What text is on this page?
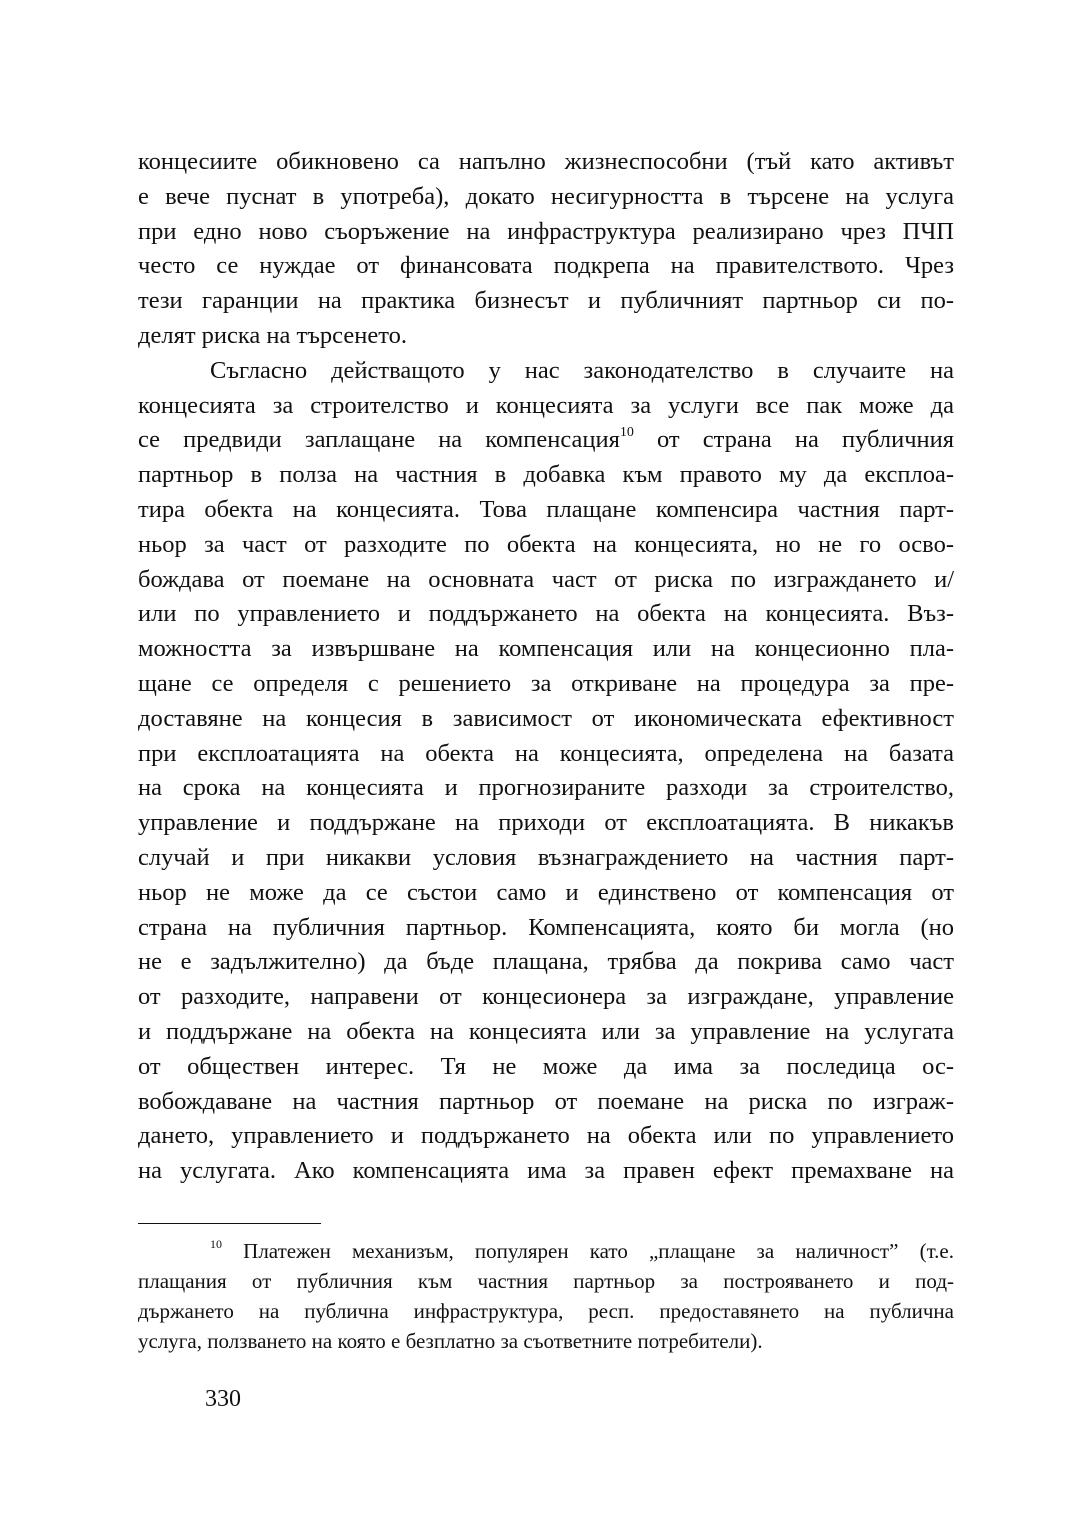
концесиите обикновено са напълно жизнеспособни (тъй като активът
е вече пуснат в употреба), докато несигурността в търсене на услуга
при едно ново съоръжение на инфраструктура реализирано чрез ПЧП
често се нуждае от финансовата подкрепа на правителството. Чрез
тези гаранции на практика бизнесът и публичният партньор си по-
делят риска на търсенето.
Съгласно действащото у нас законодателство в случаите на
концесията за строителство и концесията за услуги все пак може да
се предвиди заплащане на компенсация$^{10}$ от страна на публичния
партньор в полза на частния в добавка към правото му да експлоа-
тира обекта на концесията. Това плащане компенсира частния парт-
ньор за част от разходите по обекта на концесията, но не го осво-
бождава от поемане на основната част от риска по изграждането и/
или по управлението и поддържането на обекта на концесията. Въз-
можността за извършване на компенсация или на концесионно пла-
щане се определя с решението за откриване на процедура за пре-
доставяне на концесия в зависимост от икономическата ефективност
при експлоатацията на обекта на концесията, определена на базата
на срока на концесията и прогнозираните разходи за строителство,
управление и поддържане на приходи от експлоатацията. В никакъв
случай и при никакви условия възнаграждението на частния парт-
ньор не може да се състои само и единствено от компенсация от
страна на публичния партньор. Компенсацията, която би могла (но
не е задължително) да бъде плащана, трябва да покрива само част
от разходите, направени от концесионера за изграждане, управление
и поддържане на обекта на концесията или за управление на услугата
от обществен интерес. Тя не може да има за последица ос-
вобождаване на частния партньор от поемане на риска по изграж-
дането, управлението и поддържането на обекта или по управлението
на услугата. Ако компенсацията има за правен ефект премахване на
$^{10}$ Платежен механизъм, популярен като „плащане за наличност” (т.е.
плащания от публичния към частния партньор за построяването и под-
държането на публична инфраструктура, респ. предоставянето на публична
услуга, ползването на която е безплатно за съответните потребители).
330
